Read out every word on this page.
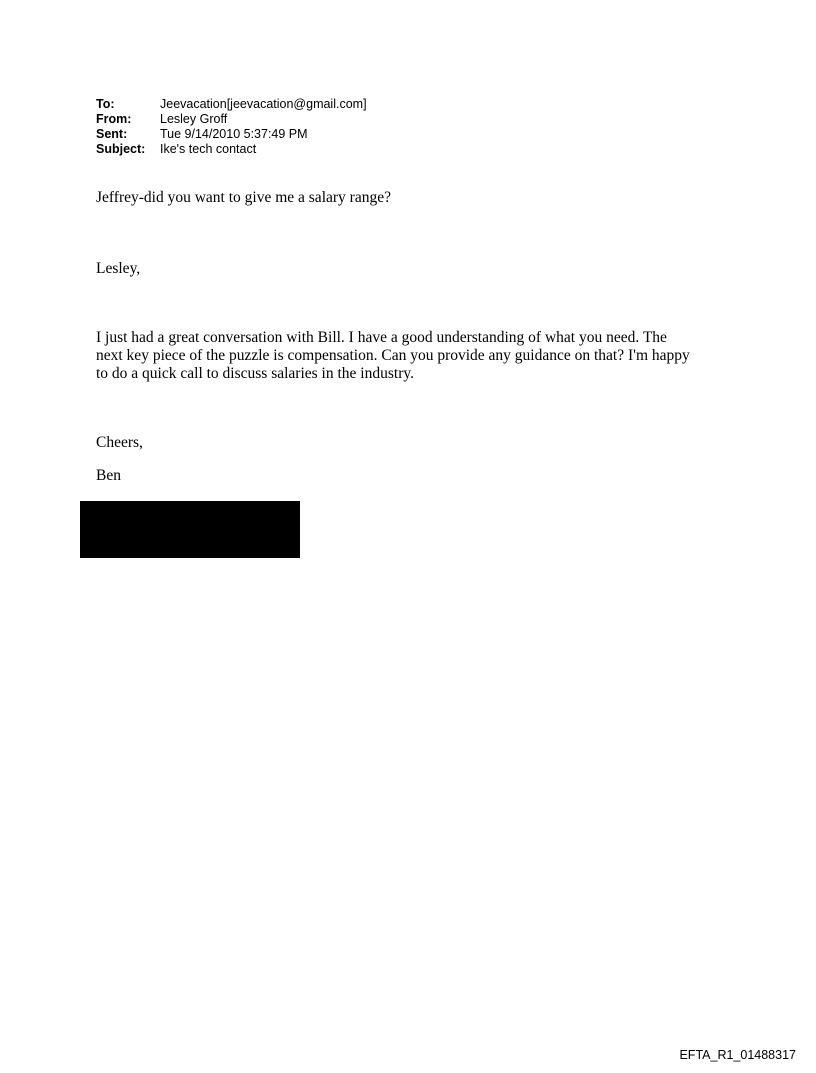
To:	Jeevacation[jeevacation@gmail.com]
From:	Lesley Groff
Sent:	Tue 9/14/2010 5:37:49 PM
Subject:	Ike's tech contact
Jeffrey-did you want to give me a salary range?
Lesley,
I just had a great conversation with Bill. I have a good understanding of what you need. The
next key piece of the puzzle is compensation. Can you provide any guidance on that? I'm happy
to do a quick call to discuss salaries in the industry.
Cheers,
Ben
EFTA_R1_01488317
